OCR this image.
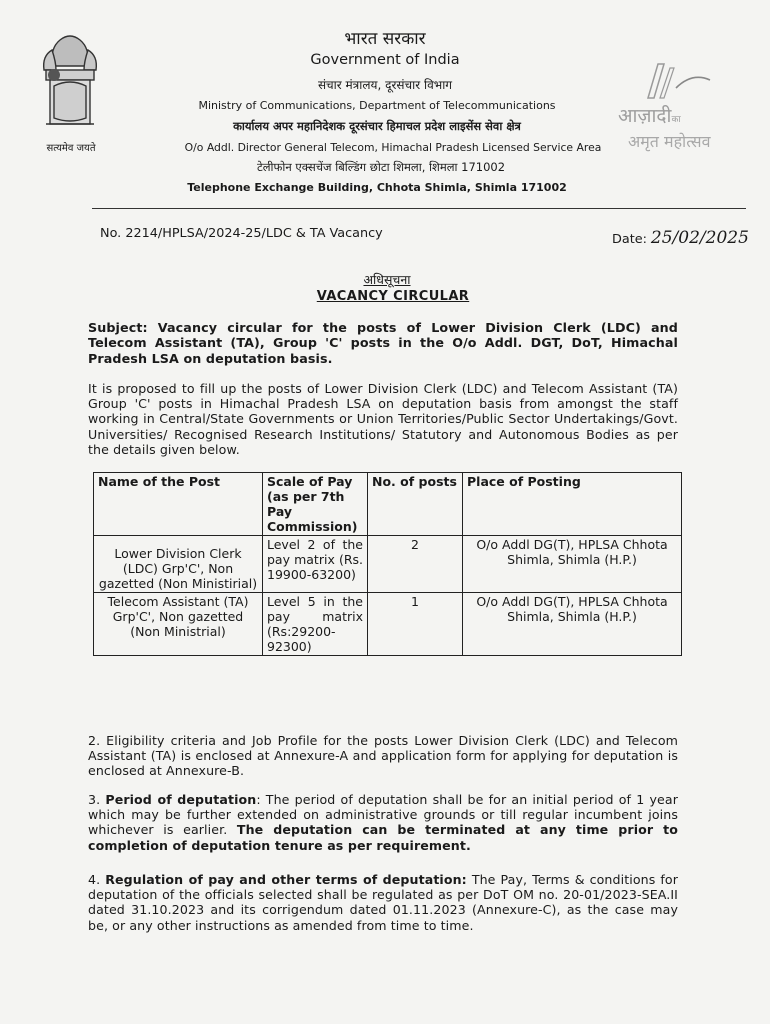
सत्यमेव जयते
भारत सरकार
Government of India
संचार मंत्रालय, दूरसंचार विभाग
Ministry of Communications, Department of Telecommunications
कार्यालय अपर महानिदेशक दूरसंचार हिमाचल प्रदेश लाइसेंस सेवा क्षेत्र
O/o Addl. Director General Telecom, Himachal Pradesh Licensed Service Area
टेलीफोन एक्सचेंज बिल्डिंग छोटा शिमला, शिमला 171002
Telephone Exchange Building, Chhota Shimla, Shimla 171002
आज़ादीका
अमृत महोत्सव
No. 2214/HPLSA/2024-25/LDC & TA Vacancy	Date: 25/02/2025
अधिसूचना
VACANCY CIRCULAR
Subject: Vacancy circular for the posts of Lower Division Clerk (LDC) and Telecom Assistant (TA), Group 'C' posts in the O/o Addl. DGT, DoT, Himachal Pradesh LSA on deputation basis.
It is proposed to fill up the posts of Lower Division Clerk (LDC) and Telecom Assistant (TA) Group 'C' posts in Himachal Pradesh LSA on deputation basis from amongst the staff working in Central/State Governments or Union Territories/Public Sector Undertakings/Govt. Universities/ Recognised Research Institutions/ Statutory and Autonomous Bodies as per the details given below.
Name of the Post	Scale of Pay (as per 7th Pay Commission)	No. of posts	Place of Posting
Lower Division Clerk (LDC) Grp'C', Non gazetted (Non Ministirial)	Level 2 of the pay matrix (Rs. 19900-63200)	2	O/o Addl DG(T), HPLSA Chhota Shimla, Shimla (H.P.)
Telecom Assistant (TA) Grp'C', Non gazetted (Non Ministrial)	Level 5 in the pay matrix (Rs:29200-92300)	1	O/o Addl DG(T), HPLSA Chhota Shimla, Shimla (H.P.)
2. Eligibility criteria and Job Profile for the posts Lower Division Clerk (LDC) and Telecom Assistant (TA) is enclosed at Annexure-A and application form for applying for deputation is enclosed at Annexure-B.
3. Period of deputation: The period of deputation shall be for an initial period of 1 year which may be further extended on administrative grounds or till regular incumbent joins whichever is earlier. The deputation can be terminated at any time prior to completion of deputation tenure as per requirement.
4. Regulation of pay and other terms of deputation: The Pay, Terms & conditions for deputation of the officials selected shall be regulated as per DoT OM no. 20-01/2023-SEA.II dated 31.10.2023 and its corrigendum dated 01.11.2023 (Annexure-C), as the case may be, or any other instructions as amended from time to time.
